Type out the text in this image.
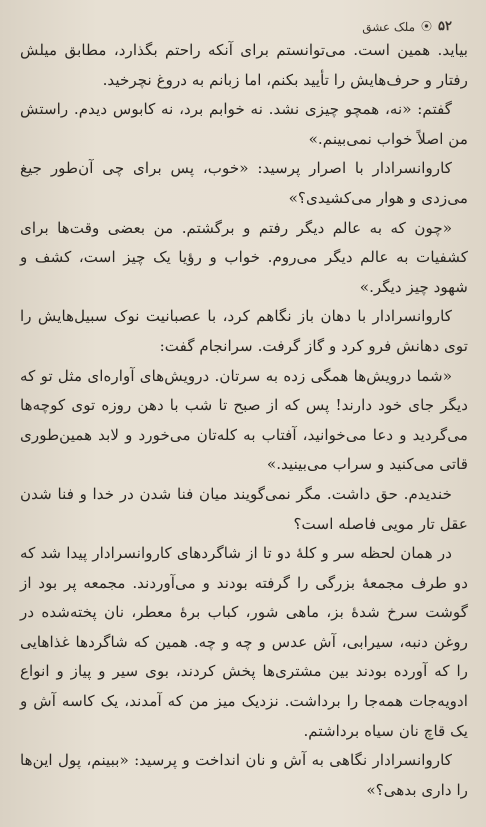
۵۲
⦿
ملک عشق

بیاید. همین است. می‌توانستم برای آنکه راحتم بگذارد، مطابق میلش رفتار و حرف‌هایش را تأیید بکنم، اما زبانم به دروغ نچرخید.

گفتم: «نه، همچو چیزی نشد. نه خوابم برد، نه کابوس دیدم. راستش من اصلاً خواب نمی‌بینم.»

کاروانسرادار با اصرار پرسید: «خوب، پس برای چی آن‌طور جیغ می‌زدی و هوار می‌کشیدی؟»

«چون که به عالم دیگر رفتم و برگشتم. من بعضی وقت‌ها برای کشفیات به عالم دیگر می‌روم. خواب و رؤیا یک چیز است، کشف و شهود چیز دیگر.»

کاروانسرادار با دهان باز نگاهم کرد، با عصبانیت نوک سبیل‌هایش را توی دهانش فرو کرد و گاز گرفت. سرانجام گفت:

«شما درویش‌ها همگی زده به سرتان. درویش‌های آواره‌ای مثل تو که دیگر جای خود دارند! پس که از صبح تا شب با دهن روزه توی کوچه‌ها می‌گردید و دعا می‌خوانید، آفتاب به کله‌تان می‌خورد و لابد همین‌طوری قاتی می‌کنید و سراب می‌بینید.»

خندیدم. حق داشت. مگر نمی‌گویند میان فنا شدن در خدا و فنا شدن عقل تار مویی فاصله است؟

در همان لحظه سر و کلهٔ دو تا از شاگردهای کاروانسرادار پیدا شد که دو طرف مجمعهٔ بزرگی را گرفته بودند و می‌آوردند. مجمعه پر بود از گوشت سرخ شدهٔ بز، ماهی شور، کباب برهٔ معطر، نان پخته‌شده در روغن دنبه، سیرابی، آش عدس و چه و چه. همین که شاگردها غذاهایی را که آورده بودند بین مشتری‌ها پخش کردند، بوی سیر و پیاز و انواع ادویه‌جات همه‌جا را برداشت. نزدیک میز من که آمدند، یک کاسه آش و یک قاچ نان سیاه برداشتم.

کاروانسرادار نگاهی به آش و نان انداخت و پرسید: «ببینم، پول این‌ها را داری بدهی؟»
